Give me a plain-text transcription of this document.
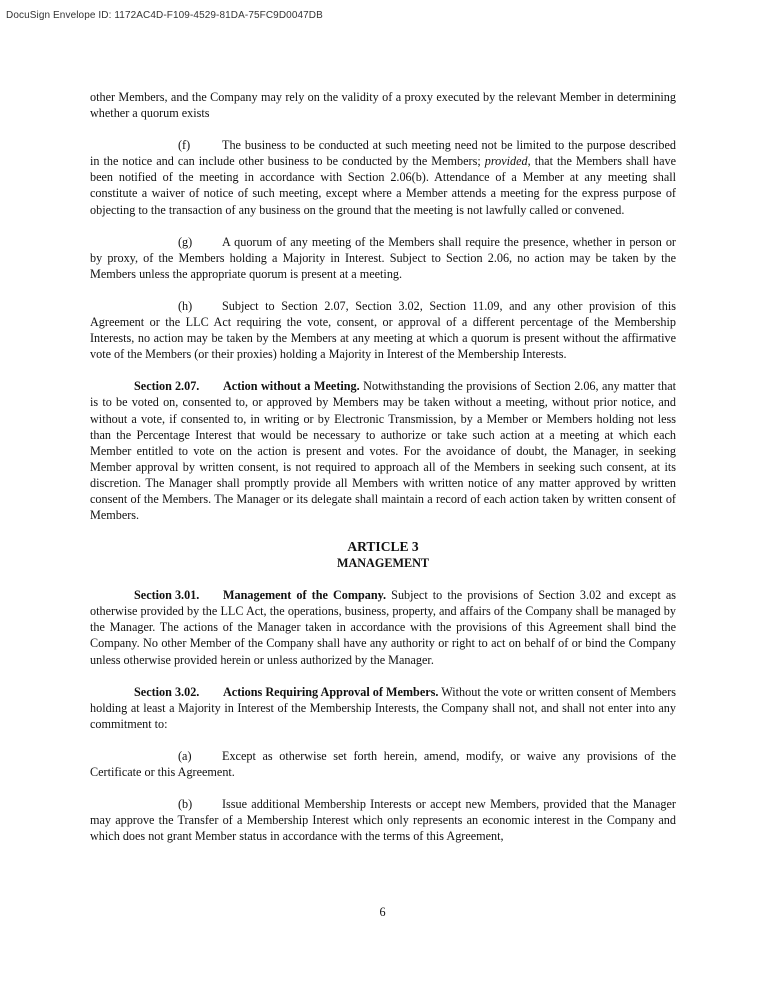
DocuSign Envelope ID: 1172AC4D-F109-4529-81DA-75FC9D0047DB

other Members, and the Company may rely on the validity of a proxy executed by the relevant Member in determining whether a quorum exists

(f)	The business to be conducted at such meeting need not be limited to the purpose described in the notice and can include other business to be conducted by the Members; provided, that the Members shall have been notified of the meeting in accordance with Section 2.06(b). Attendance of a Member at any meeting shall constitute a waiver of notice of such meeting, except where a Member attends a meeting for the express purpose of objecting to the transaction of any business on the ground that the meeting is not lawfully called or convened.

(g) A quorum of any meeting of the Members shall require the presence, whether in person or by proxy, of the Members holding a Majority in Interest. Subject to Section 2.06, no action may be taken by the Members unless the appropriate quorum is present at a meeting.

(h) Subject to Section 2.07, Section 3.02, Section 11.09, and any other provision of this Agreement or the LLC Act requiring the vote, consent, or approval of a different percentage of the Membership Interests, no action may be taken by the Members at any meeting at which a quorum is present without the affirmative vote of the Members (or their proxies) holding a Majority in Interest of the Membership Interests.

Section 2.07. Action without a Meeting. Notwithstanding the provisions of Section 2.06, any matter that is to be voted on, consented to, or approved by Members may be taken without a meeting, without prior notice, and without a vote, if consented to, in writing or by Electronic Transmission, by a Member or Members holding not less than the Percentage Interest that would be necessary to authorize or take such action at a meeting at which each Member entitled to vote on the action is present and votes. For the avoidance of doubt, the Manager, in seeking Member approval by written consent, is not required to approach all of the Members in seeking such consent, at its discretion. The Manager shall promptly provide all Members with written notice of any matter approved by written consent of the Members. The Manager or its delegate shall maintain a record of each action taken by written consent of Members.

ARTICLE 3
MANAGEMENT

Section 3.01. Management of the Company. Subject to the provisions of Section 3.02 and except as otherwise provided by the LLC Act, the operations, business, property, and affairs of the Company shall be managed by the Manager. The actions of the Manager taken in accordance with the provisions of this Agreement shall bind the Company. No other Member of the Company shall have any authority or right to act on behalf of or bind the Company unless otherwise provided herein or unless authorized by the Manager.

Section 3.02. Actions Requiring Approval of Members. Without the vote or written consent of Members holding at least a Majority in Interest of the Membership Interests, the Company shall not, and shall not enter into any commitment to:

(a) Except as otherwise set forth herein, amend, modify, or waive any provisions of the Certificate or this Agreement.

(b) Issue additional Membership Interests or accept new Members, provided that the Manager may approve the Transfer of a Membership Interest which only represents an economic interest in the Company and which does not grant Member status in accordance with the terms of this Agreement,

6
